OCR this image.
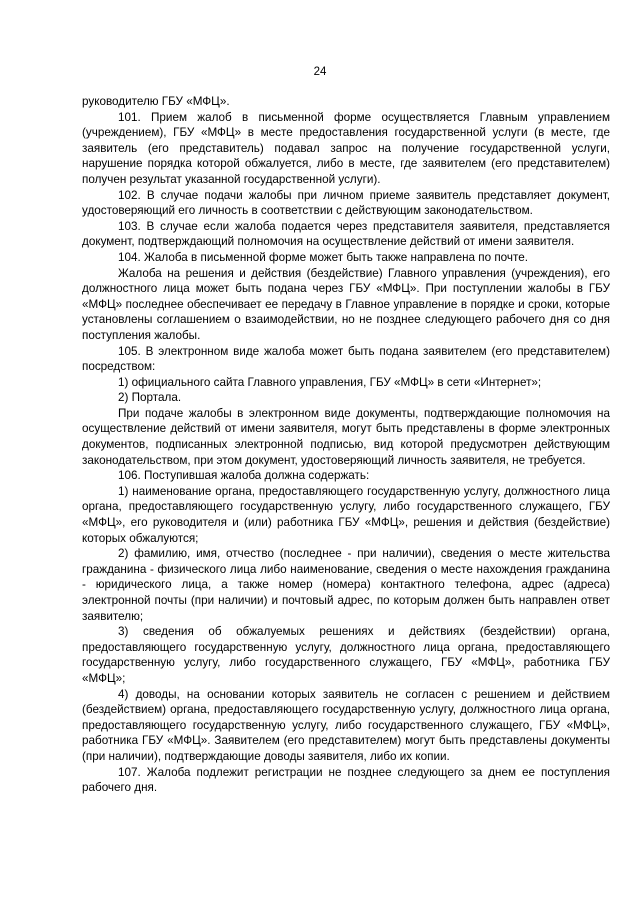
24

руководителю ГБУ «МФЦ».

101. Прием жалоб в письменной форме осуществляется Главным управлением (учреждением), ГБУ «МФЦ» в месте предоставления государственной услуги (в месте, где заявитель (его представитель) подавал запрос на получение государственной услуги, нарушение порядка которой обжалуется, либо в месте, где заявителем (его представителем) получен результат указанной государственной услуги).

102. В случае подачи жалобы при личном приеме заявитель представляет документ, удостоверяющий его личность в соответствии с действующим законодательством.

103. В случае если жалоба подается через представителя заявителя, представляется документ, подтверждающий полномочия на осуществление действий от имени заявителя.

104. Жалоба в письменной форме может быть также направлена по почте.

Жалоба на решения и действия (бездействие) Главного управления (учреждения), его должностного лица может быть подана через ГБУ «МФЦ». При поступлении жалобы в ГБУ «МФЦ» последнее обеспечивает ее передачу в Главное управление в порядке и сроки, которые установлены соглашением о взаимодействии, но не позднее следующего рабочего дня со дня поступления жалобы.

105. В электронном виде жалоба может быть подана заявителем (его представителем) посредством:

1) официального сайта Главного управления, ГБУ «МФЦ» в сети «Интернет»;

2) Портала.

При подаче жалобы в электронном виде документы, подтверждающие полномочия на осуществление действий от имени заявителя, могут быть представлены в форме электронных документов, подписанных электронной подписью, вид которой предусмотрен действующим законодательством, при этом документ, удостоверяющий личность заявителя, не требуется.

106. Поступившая жалоба должна содержать:

1) наименование органа, предоставляющего государственную услугу, должностного лица органа, предоставляющего государственную услугу, либо государственного служащего, ГБУ «МФЦ», его руководителя и (или) работника ГБУ «МФЦ», решения и действия (бездействие) которых обжалуются;

2) фамилию, имя, отчество (последнее - при наличии), сведения о месте жительства гражданина - физического лица либо наименование, сведения о месте нахождения гражданина - юридического лица, а также номер (номера) контактного телефона, адрес (адреса) электронной почты (при наличии) и почтовый адрес, по которым должен быть направлен ответ заявителю;

3) сведения об обжалуемых решениях и действиях (бездействии) органа, предоставляющего государственную услугу, должностного лица органа, предоставляющего государственную услугу, либо государственного служащего, ГБУ «МФЦ», работника ГБУ «МФЦ»;

4) доводы, на основании которых заявитель не согласен с решением и действием (бездействием) органа, предоставляющего государственную услугу, должностного лица органа, предоставляющего государственную услугу, либо государственного служащего, ГБУ «МФЦ», работника ГБУ «МФЦ». Заявителем (его представителем) могут быть представлены документы (при наличии), подтверждающие доводы заявителя, либо их копии.

107. Жалоба подлежит регистрации не позднее следующего за днем ее поступления рабочего дня.
